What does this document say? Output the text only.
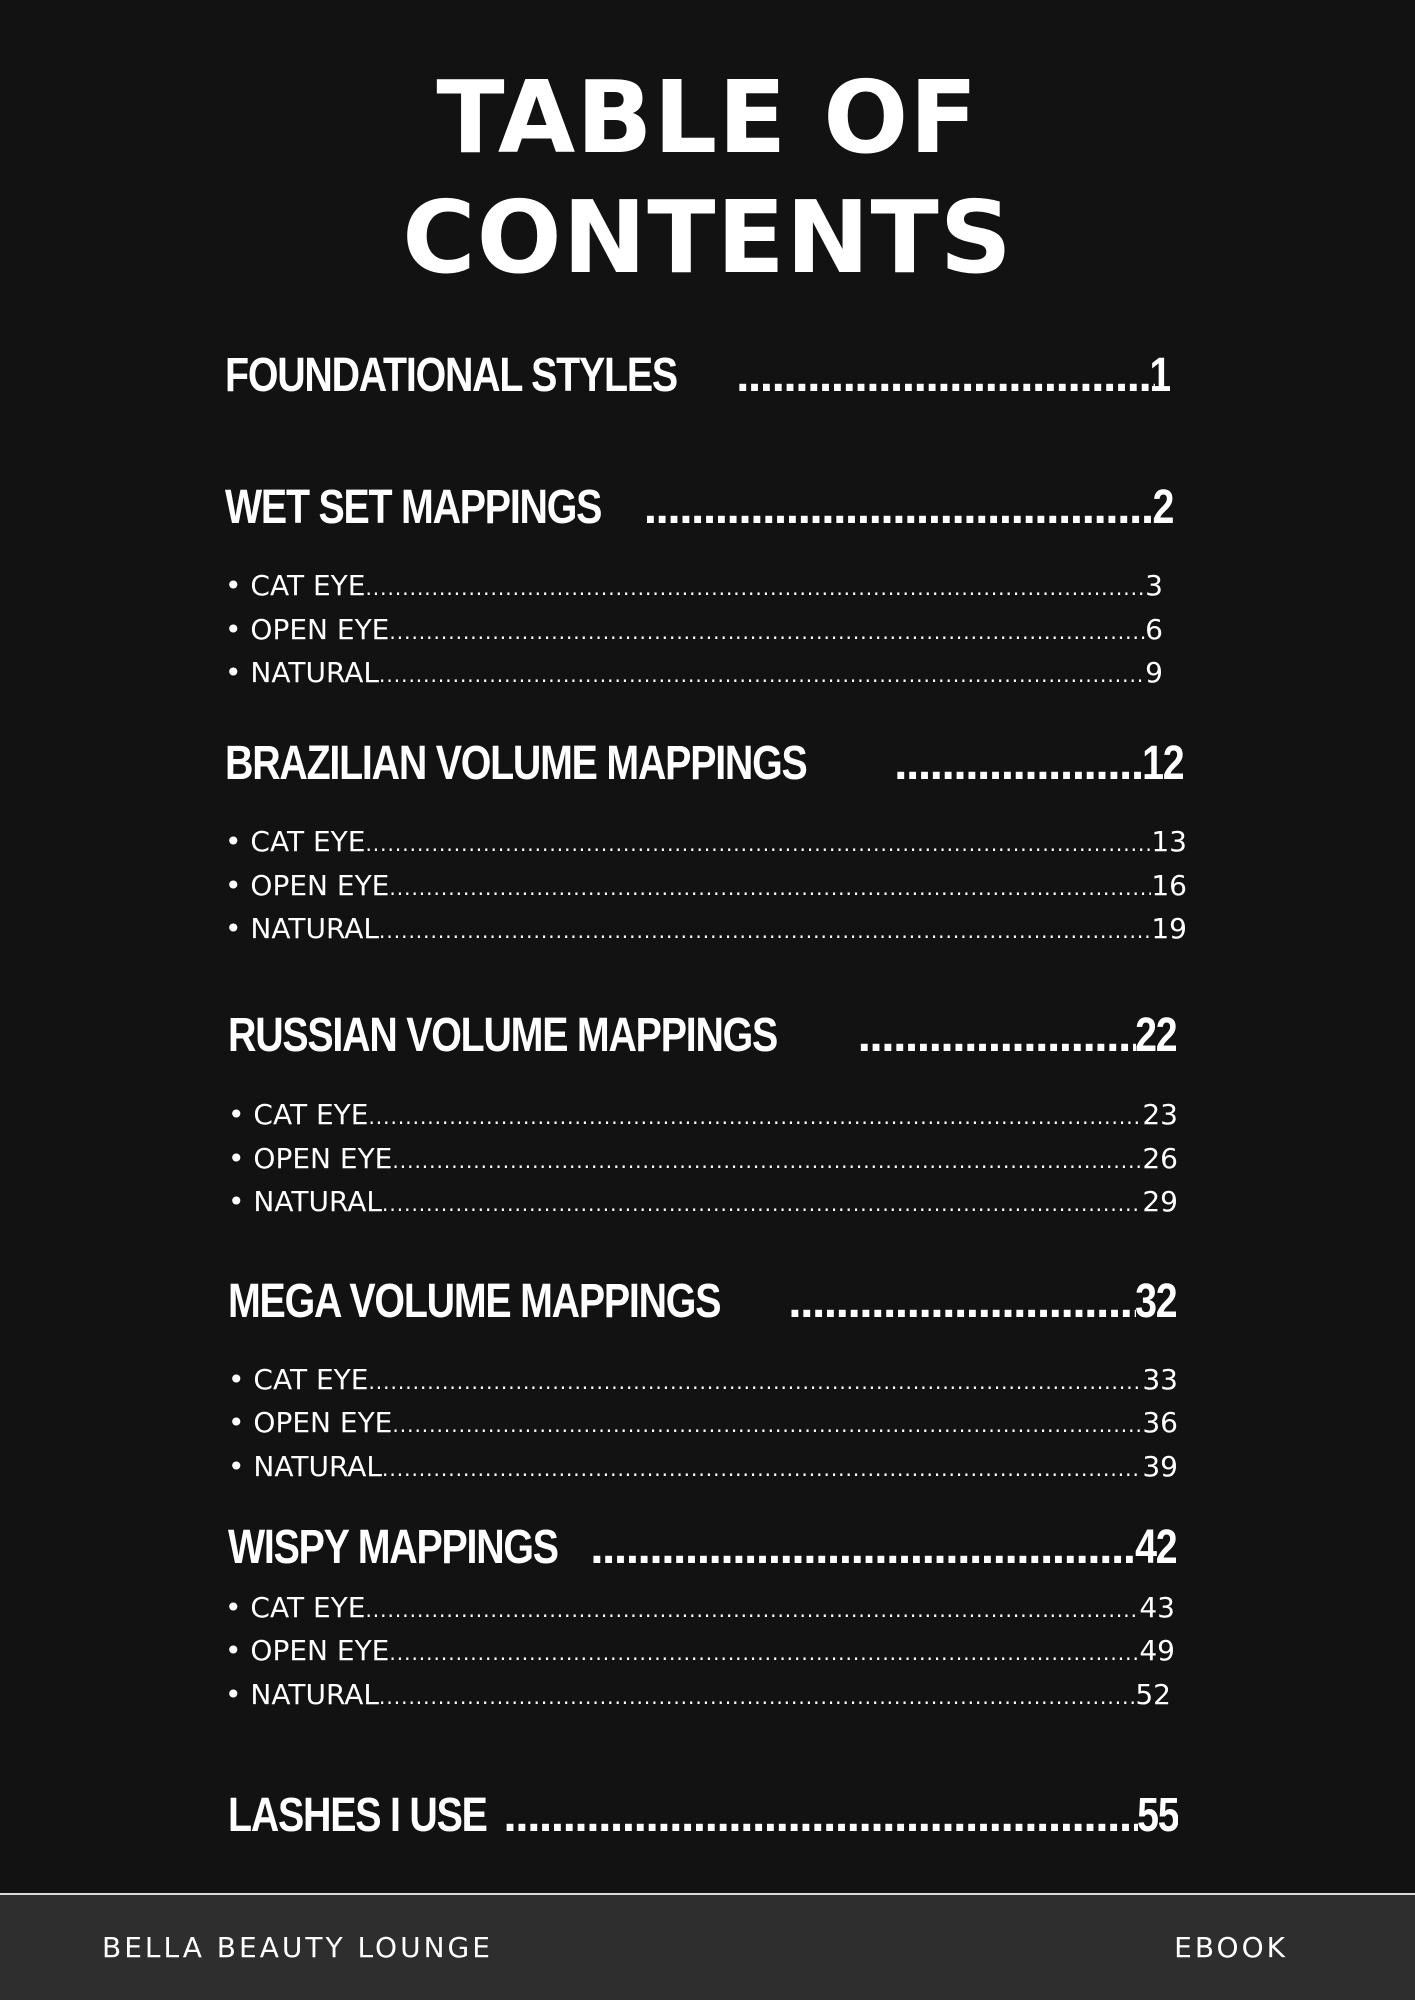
TABLE OF
CONTENTS
FOUNDATIONAL STYLES .....	1
WET SET MAPPINGS .....	2
• CAT EYE .....	3
• OPEN EYE .....	6
• NATURAL .....	9
BRAZILIAN VOLUME MAPPINGS .....	12
• CAT EYE .....	13
• OPEN EYE .....	16
• NATURAL .....	19
RUSSIAN VOLUME MAPPINGS .....	22
• CAT EYE .....	23
• OPEN EYE .....	26
• NATURAL .....	29
MEGA VOLUME MAPPINGS .....	32
• CAT EYE .....	33
• OPEN EYE .....	36
• NATURAL .....	39
WISPY MAPPINGS .....	42
• CAT EYE .....	43
• OPEN EYE .....	49
• NATURAL .....	52
LASHES I USE .....	55
BELLA BEAUTY LOUNGE	EBOOK
